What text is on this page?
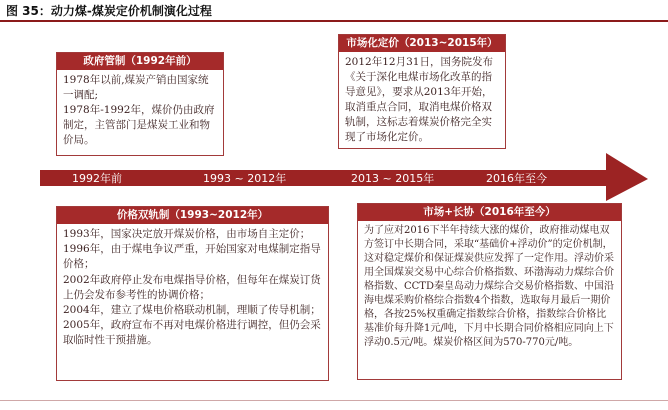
图 35：动力煤-煤炭定价机制演化过程
政府管制（1992年前）

1978年以前,煤炭产销由国家统一调配;

1978年-1992年，煤价仍由政府制定，主管部门是煤炭工业和物价局。

市场化定价（2013~2015年）

2012年12月31日，国务院发布《关于深化电煤市场化改革的指导意见》，要求从2013年开始，取消重点合同，取消电煤价格双轨制，这标志着煤炭价格完全实现了市场化定价。

1992年前	1993 ~ 2012年	2013 ~ 2015年	2016年至今
价格双轨制（1993~2012年）

1993年，国家决定放开煤炭价格，由市场自主定价；

1996年，由于煤电争议严重，开始国家对电煤制定指导价格；

2002年政府停止发布电煤指导价格，但每年在煤炭订货上仍会发布参考性的协调价格；

2004年，建立了煤电价格联动机制，理顺了传导机制；

2005年，政府宣布不再对电煤价格进行调控，但仍会采取临时性干预措施。

市场+长协（2016年至今）

为了应对2016下半年持续大涨的煤价，政府推动煤电双方签订中长期合同，采取“基础价+浮动价”的定价机制，这对稳定煤价和保证煤炭供应发挥了一定作用。浮动价采用全国煤炭交易中心综合价格指数、环渤海动力煤综合价格指数、CCTD秦皇岛动力煤综合交易价格指数、中国沿海电煤采购价格综合指数4个指数，选取每月最后一期价格，各按25%权重确定指数综合价格，指数综合价格比基准价每升降1元/吨，下月中长期合同价格相应同向上下浮动0.5元/吨。煤炭价格区间为570-770元/吨。
